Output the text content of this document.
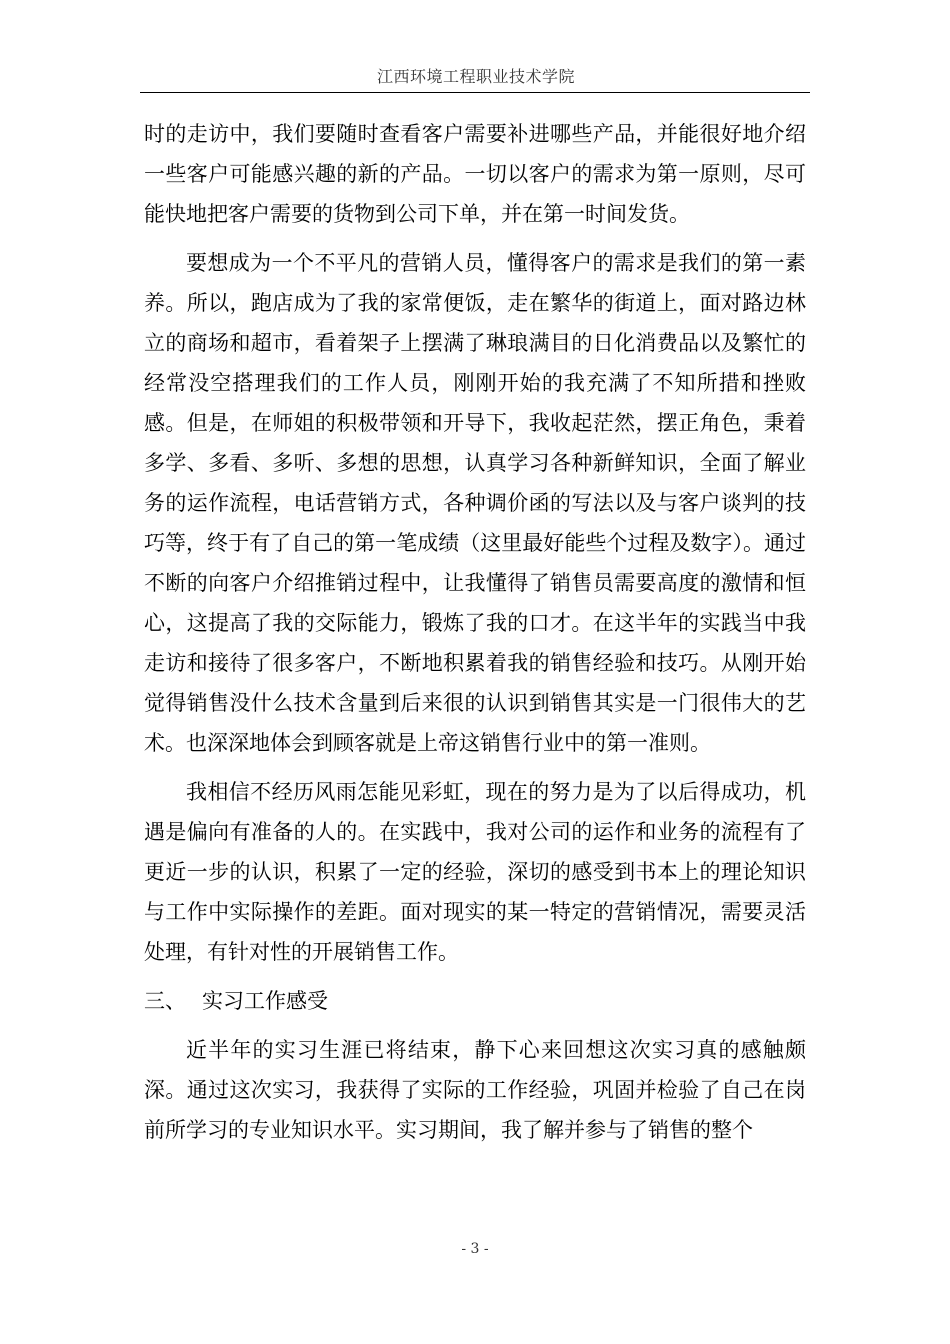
江西环境工程职业技术学院

时的走访中，我们要随时查看客户需要补进哪些产品，并能很好地介绍一些客户可能感兴趣的新的产品。一切以客户的需求为第一原则，尽可能快地把客户需要的货物到公司下单，并在第一时间发货。

要想成为一个不平凡的营销人员，懂得客户的需求是我们的第一素养。所以，跑店成为了我的家常便饭，走在繁华的街道上，面对路边林立的商场和超市，看着架子上摆满了琳琅满目的日化消费品以及繁忙的经常没空搭理我们的工作人员，刚刚开始的我充满了不知所措和挫败感。但是，在师姐的积极带领和开导下，我收起茫然，摆正角色，秉着多学、多看、多听、多想的思想，认真学习各种新鲜知识，全面了解业务的运作流程，电话营销方式，各种调价函的写法以及与客户谈判的技巧等，终于有了自己的第一笔成绩（这里最好能些个过程及数字）。通过不断的向客户介绍推销过程中，让我懂得了销售员需要高度的激情和恒心，这提高了我的交际能力，锻炼了我的口才。在这半年的实践当中我走访和接待了很多客户，不断地积累着我的销售经验和技巧。从刚开始觉得销售没什么技术含量到后来很的认识到销售其实是一门很伟大的艺术。也深深地体会到顾客就是上帝这销售行业中的第一准则。

我相信不经历风雨怎能见彩虹，现在的努力是为了以后得成功，机遇是偏向有准备的人的。在实践中，我对公司的运作和业务的流程有了更近一步的认识，积累了一定的经验，深切的感受到书本上的理论知识与工作中实际操作的差距。面对现实的某一特定的营销情况，需要灵活处理，有针对性的开展销售工作。

三、 实习工作感受

近半年的实习生涯已将结束，静下心来回想这次实习真的感触颇深。通过这次实习，我获得了实际的工作经验，巩固并检验了自己在岗前所学习的专业知识水平。实习期间，我了解并参与了销售的整个

- 3 -
